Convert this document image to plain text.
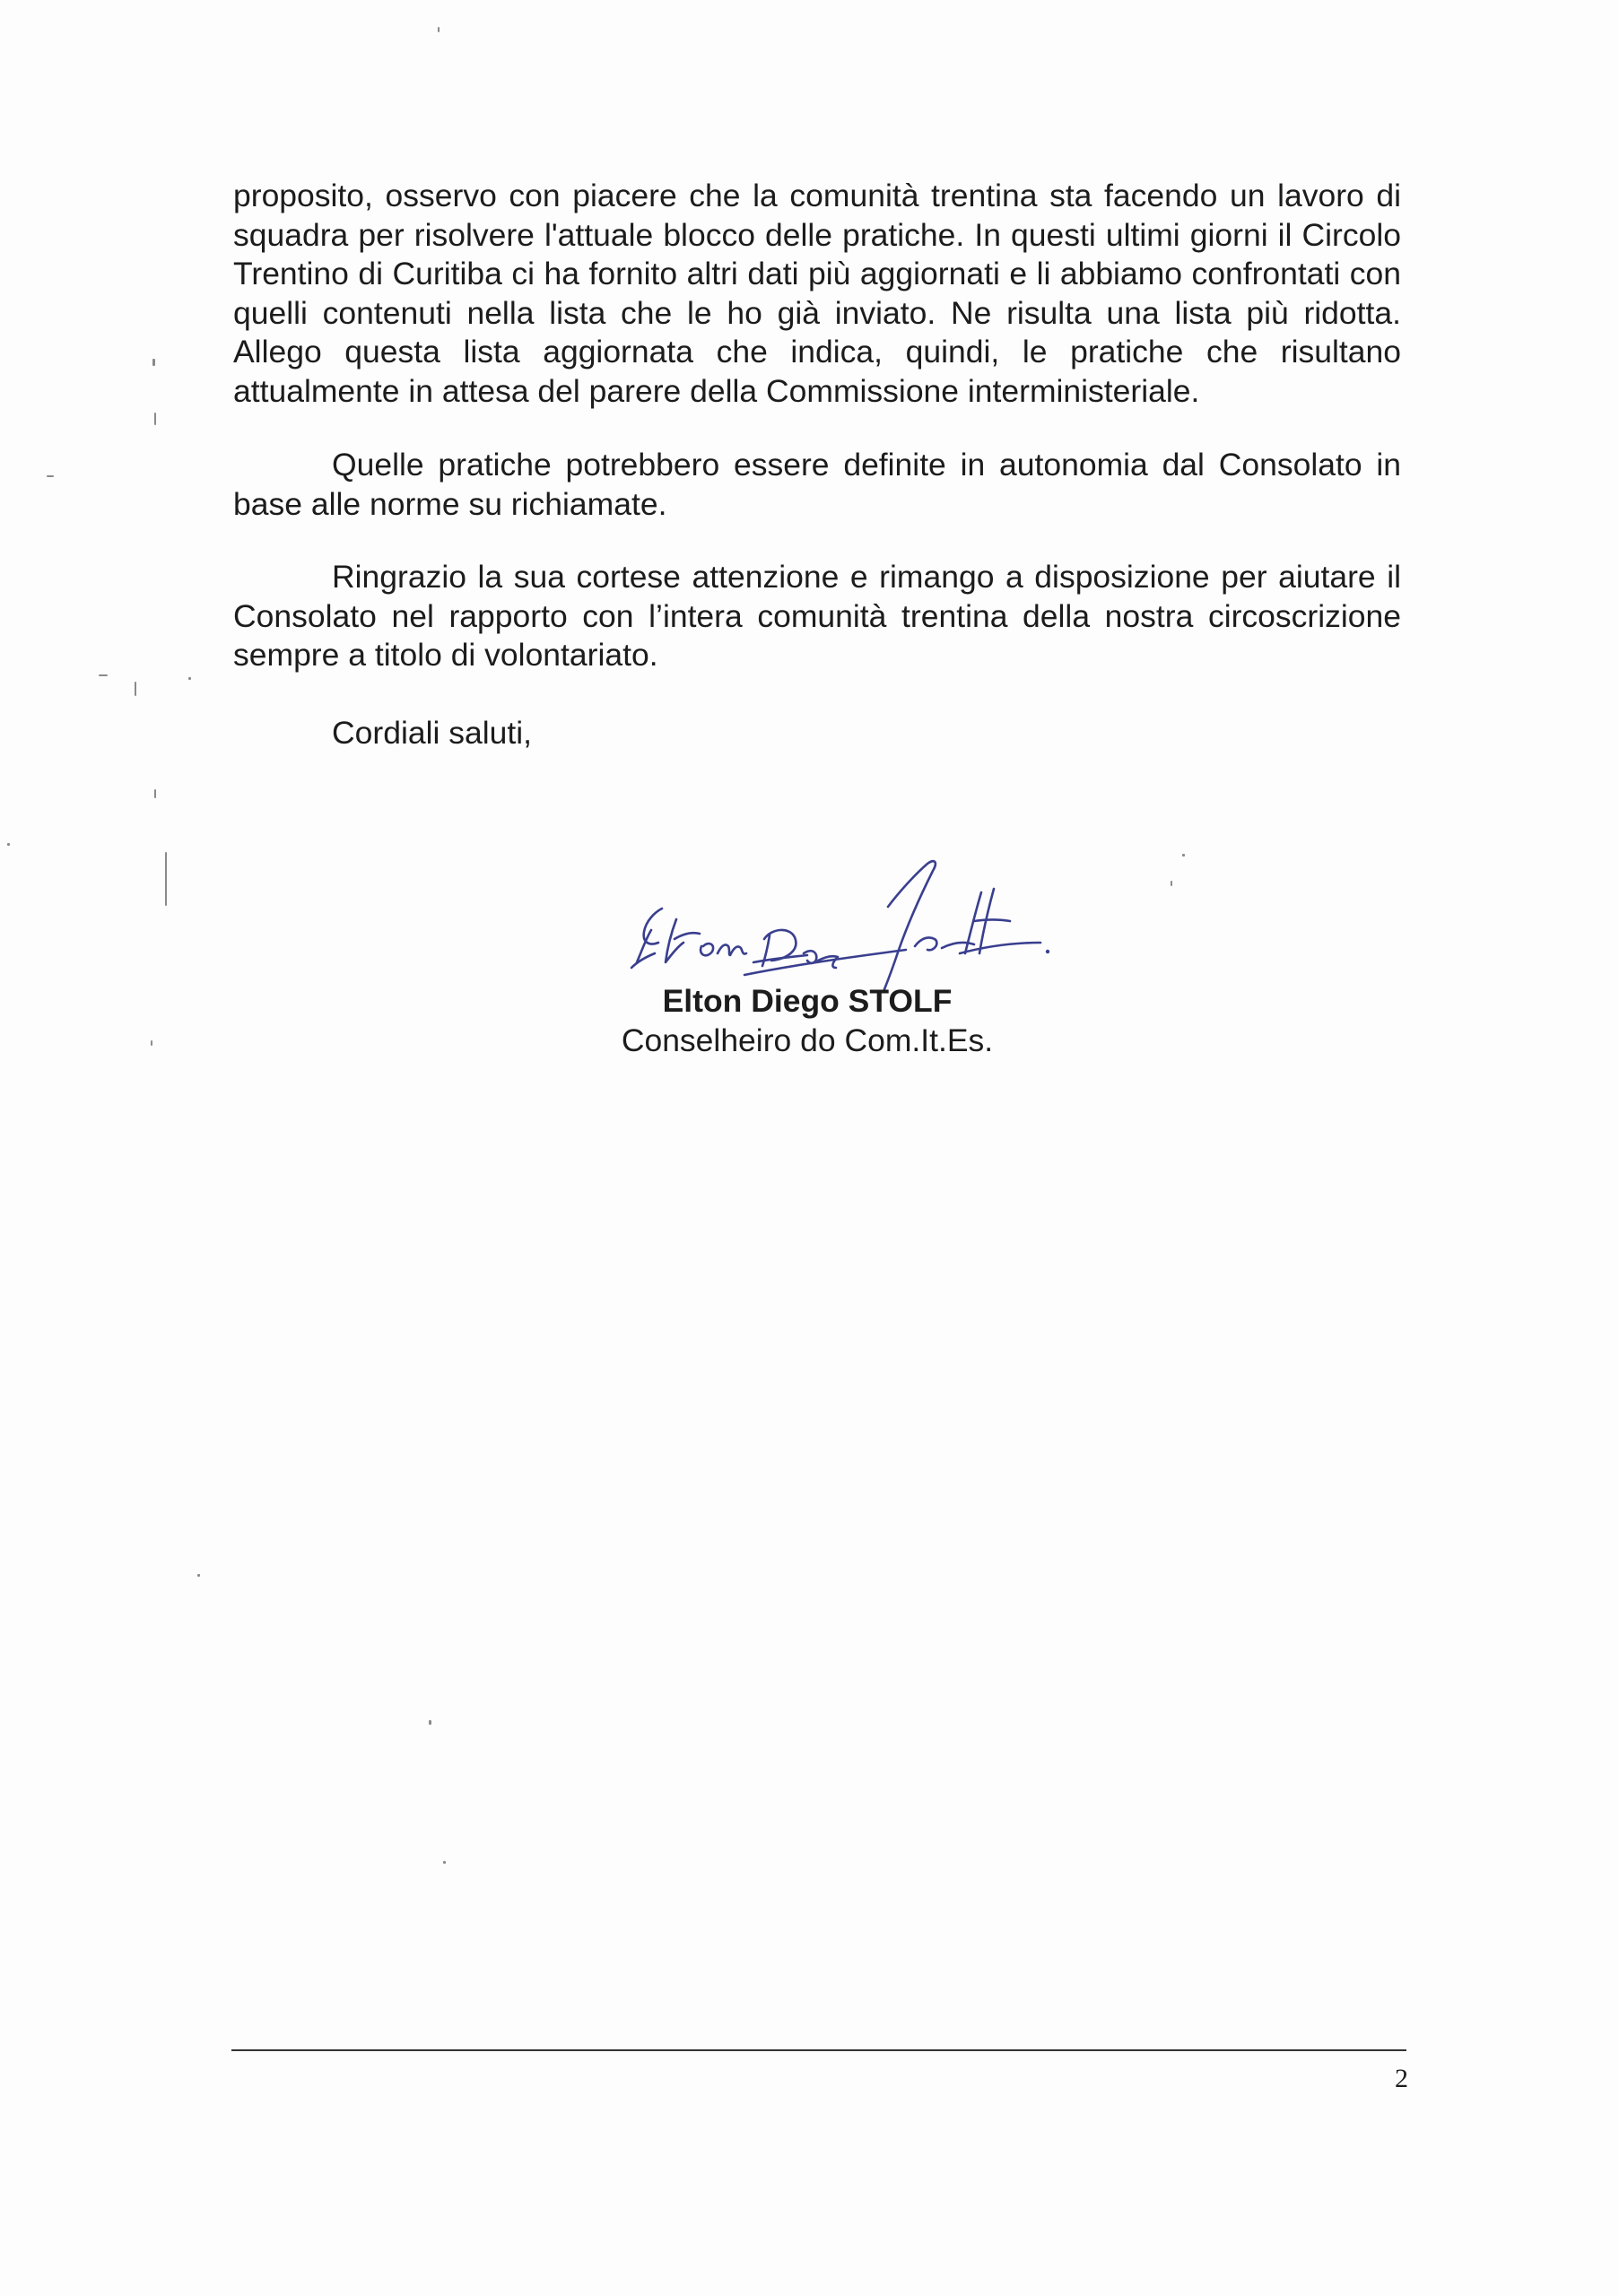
proposito, osservo con piacere che la comunità trentina sta facendo un lavoro di squadra per risolvere l'attuale blocco delle pratiche. In questi ultimi giorni il Circolo Trentino di Curitiba ci ha fornito altri dati più aggiornati e li abbiamo confrontati con quelli contenuti nella lista che le ho già inviato. Ne risulta una lista più ridotta. Allego questa lista aggiornata che indica, quindi, le pratiche che risultano attualmente in attesa del parere della Commissione interministeriale.

Quelle pratiche potrebbero essere definite in autonomia dal Consolato in base alle norme su richiamate.

Ringrazio la sua cortese attenzione e rimango a disposizione per aiutare il Consolato nel rapporto con l’intera comunità trentina della nostra circoscrizione sempre a titolo di volontariato.

Cordiali saluti,

Elton Diego STOLF

Conselheiro do Com.It.Es.

2
